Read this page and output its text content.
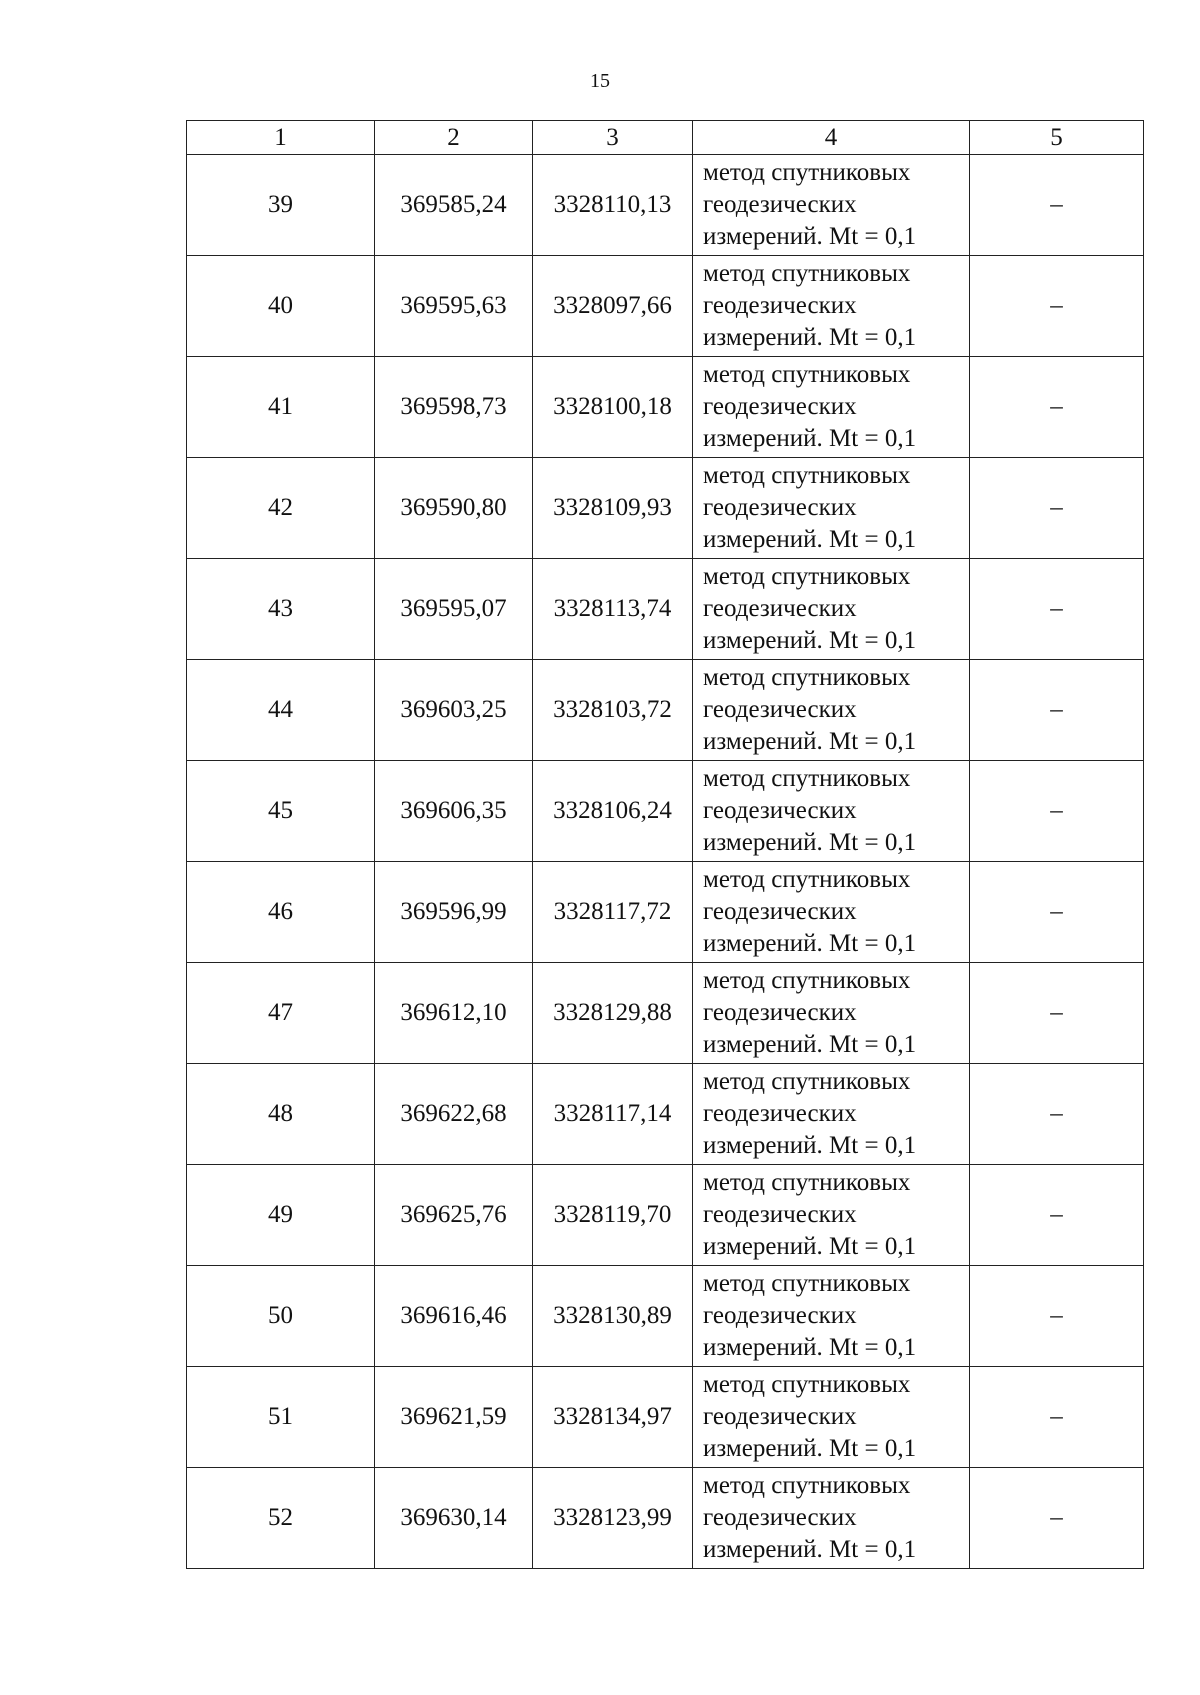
15
1	2	3	4	5
39	369585,24	3328110,13	метод спутниковых
геодезических
измерений. Mt = 0,1	–
40	369595,63	3328097,66	метод спутниковых
геодезических
измерений. Mt = 0,1	–
41	369598,73	3328100,18	метод спутниковых
геодезических
измерений. Mt = 0,1	–
42	369590,80	3328109,93	метод спутниковых
геодезических
измерений. Mt = 0,1	–
43	369595,07	3328113,74	метод спутниковых
геодезических
измерений. Mt = 0,1	–
44	369603,25	3328103,72	метод спутниковых
геодезических
измерений. Mt = 0,1	–
45	369606,35	3328106,24	метод спутниковых
геодезических
измерений. Mt = 0,1	–
46	369596,99	3328117,72	метод спутниковых
геодезических
измерений. Mt = 0,1	–
47	369612,10	3328129,88	метод спутниковых
геодезических
измерений. Mt = 0,1	–
48	369622,68	3328117,14	метод спутниковых
геодезических
измерений. Mt = 0,1	–
49	369625,76	3328119,70	метод спутниковых
геодезических
измерений. Mt = 0,1	–
50	369616,46	3328130,89	метод спутниковых
геодезических
измерений. Mt = 0,1	–
51	369621,59	3328134,97	метод спутниковых
геодезических
измерений. Mt = 0,1	–
52	369630,14	3328123,99	метод спутниковых
геодезических
измерений. Mt = 0,1	–
